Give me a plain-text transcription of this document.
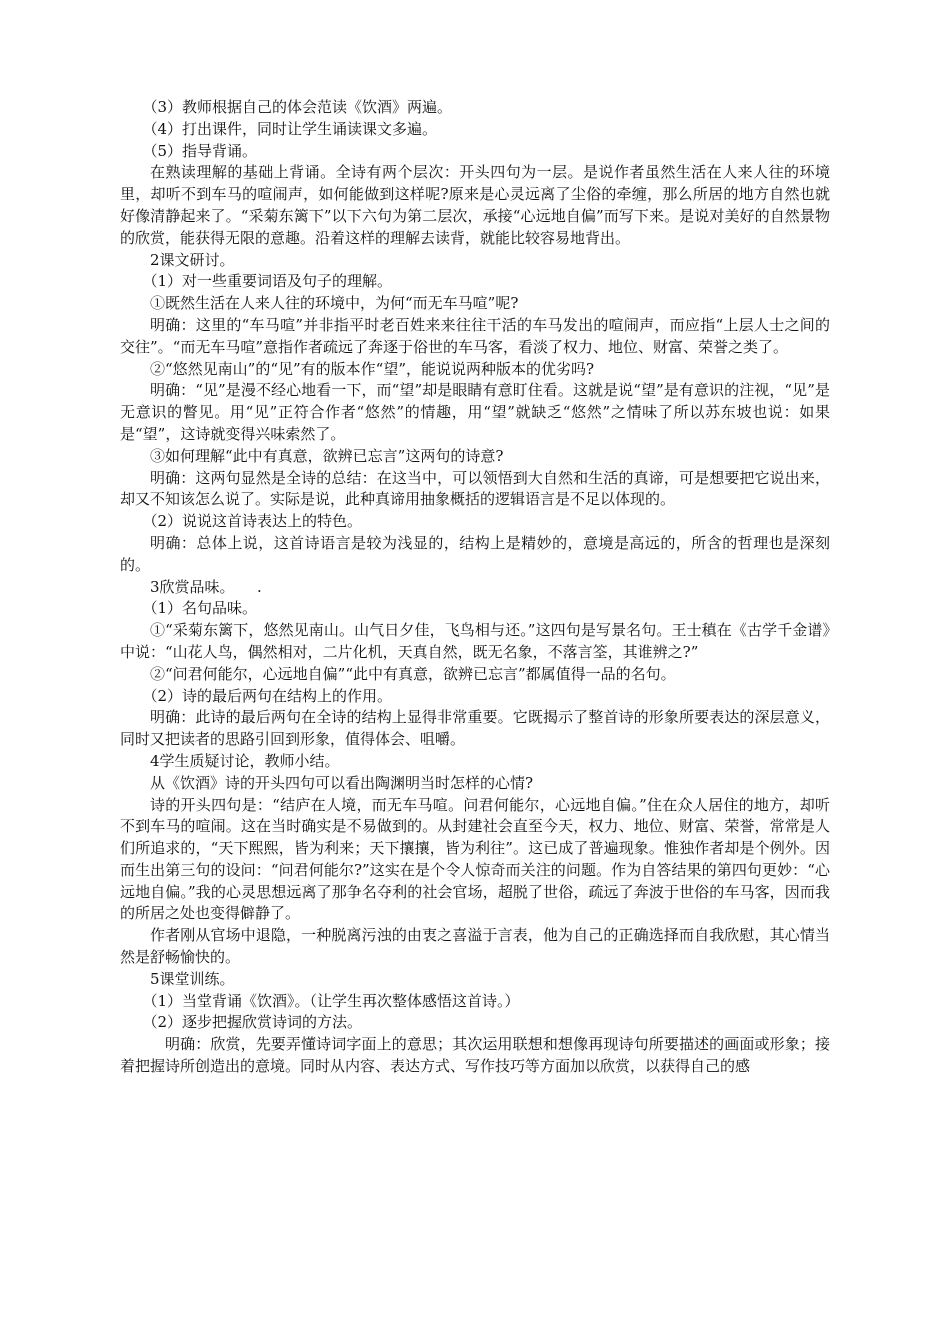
（3）教师根据自己的体会范读《饮酒》两遍。

（4）打出课件，同时让学生诵读课文多遍。

（5）指导背诵。

在熟读理解的基础上背诵。全诗有两个层次：开头四句为一层。是说作者虽然生活在人来人往的环境里，却听不到车马的喧闹声，如何能做到这样呢?原来是心灵远离了尘俗的牵缠，那么所居的地方自然也就好像清静起来了。“采菊东篱下”以下六句为第二层次，承接“心远地自偏”而写下来。是说对美好的自然景物的欣赏，能获得无限的意趣。沿着这样的理解去读背，就能比较容易地背出。

2课文研讨。

（1）对一些重要词语及句子的理解。

①既然生活在人来人往的环境中，为何“而无车马喧”呢?

明确：这里的“车马喧”并非指平时老百姓来来往往干活的车马发出的喧闹声，而应指“上层人士之间的交往”。“而无车马喧”意指作者疏远了奔逐于俗世的车马客，看淡了权力、地位、财富、荣誉之类了。

②“悠然见南山”的“见”有的版本作“望”，能说说两种版本的优劣吗?

明确：“见”是漫不经心地看一下，而“望”却是眼睛有意盯住看。这就是说“望”是有意识的注视，“见”是无意识的瞥见。用“见”正符合作者“悠然”的情趣，用“望”就缺乏“悠然”之情味了所以苏东坡也说：如果是“望”，这诗就变得兴味索然了。

③如何理解“此中有真意，欲辨已忘言”这两句的诗意?

明确：这两句显然是全诗的总结：在这当中，可以领悟到大自然和生活的真谛，可是想要把它说出来，却又不知该怎么说了。实际是说，此种真谛用抽象概括的逻辑语言是不足以体现的。

（2）说说这首诗表达上的特色。

明确：总体上说，这首诗语言是较为浅显的，结构上是精妙的，意境是高远的，所含的哲理也是深刻的。

3欣赏品味。　　.

（1）名句品味。

①“采菊东篱下，悠然见南山。山气日夕佳，飞鸟相与还。”这四句是写景名句。王士稹在《古学千金谱》中说：“山花人鸟，偶然相对，二片化机，天真自然，既无名象，不落言筌，其谁辨之?”

②“问君何能尔，心远地自偏”“此中有真意，欲辨已忘言”都属值得一品的名句。

（2）诗的最后两句在结构上的作用。

明确：此诗的最后两句在全诗的结构上显得非常重要。它既揭示了整首诗的形象所要表达的深层意义，同时又把读者的思路引回到形象，值得体会、咀嚼。

4学生质疑讨论，教师小结。

从《饮酒》诗的开头四句可以看出陶渊明当时怎样的心情?

诗的开头四句是：“结庐在人境，而无车马喧。问君何能尔，心远地自偏。”住在众人居住的地方，却听不到车马的喧闹。这在当时确实是不易做到的。从封建社会直至今天，权力、地位、财富、荣誉，常常是人们所追求的，“天下熙熙，皆为利来；天下攘攘，皆为利往”。这已成了普遍现象。惟独作者却是个例外。因而生出第三句的设问：“问君何能尔?”这实在是个令人惊奇而关注的问题。作为自答结果的第四句更妙：“心远地自偏。”我的心灵思想远离了那争名夺利的社会官场，超脱了世俗，疏远了奔波于世俗的车马客，因而我的所居之处也变得僻静了。

作者刚从官场中退隐，一种脱离污浊的由衷之喜溢于言表，他为自己的正确选择而自我欣慰，其心情当然是舒畅愉快的。

5课堂训练。

（1）当堂背诵《饮酒》。（让学生再次整体感悟这首诗。）

（2）逐步把握欣赏诗词的方法。

明确：欣赏，先要弄懂诗词字面上的意思；其次运用联想和想像再现诗句所要描述的画面或形象；接着把握诗所创造出的意境。同时从内容、表达方式、写作技巧等方面加以欣赏，以获得自己的感
